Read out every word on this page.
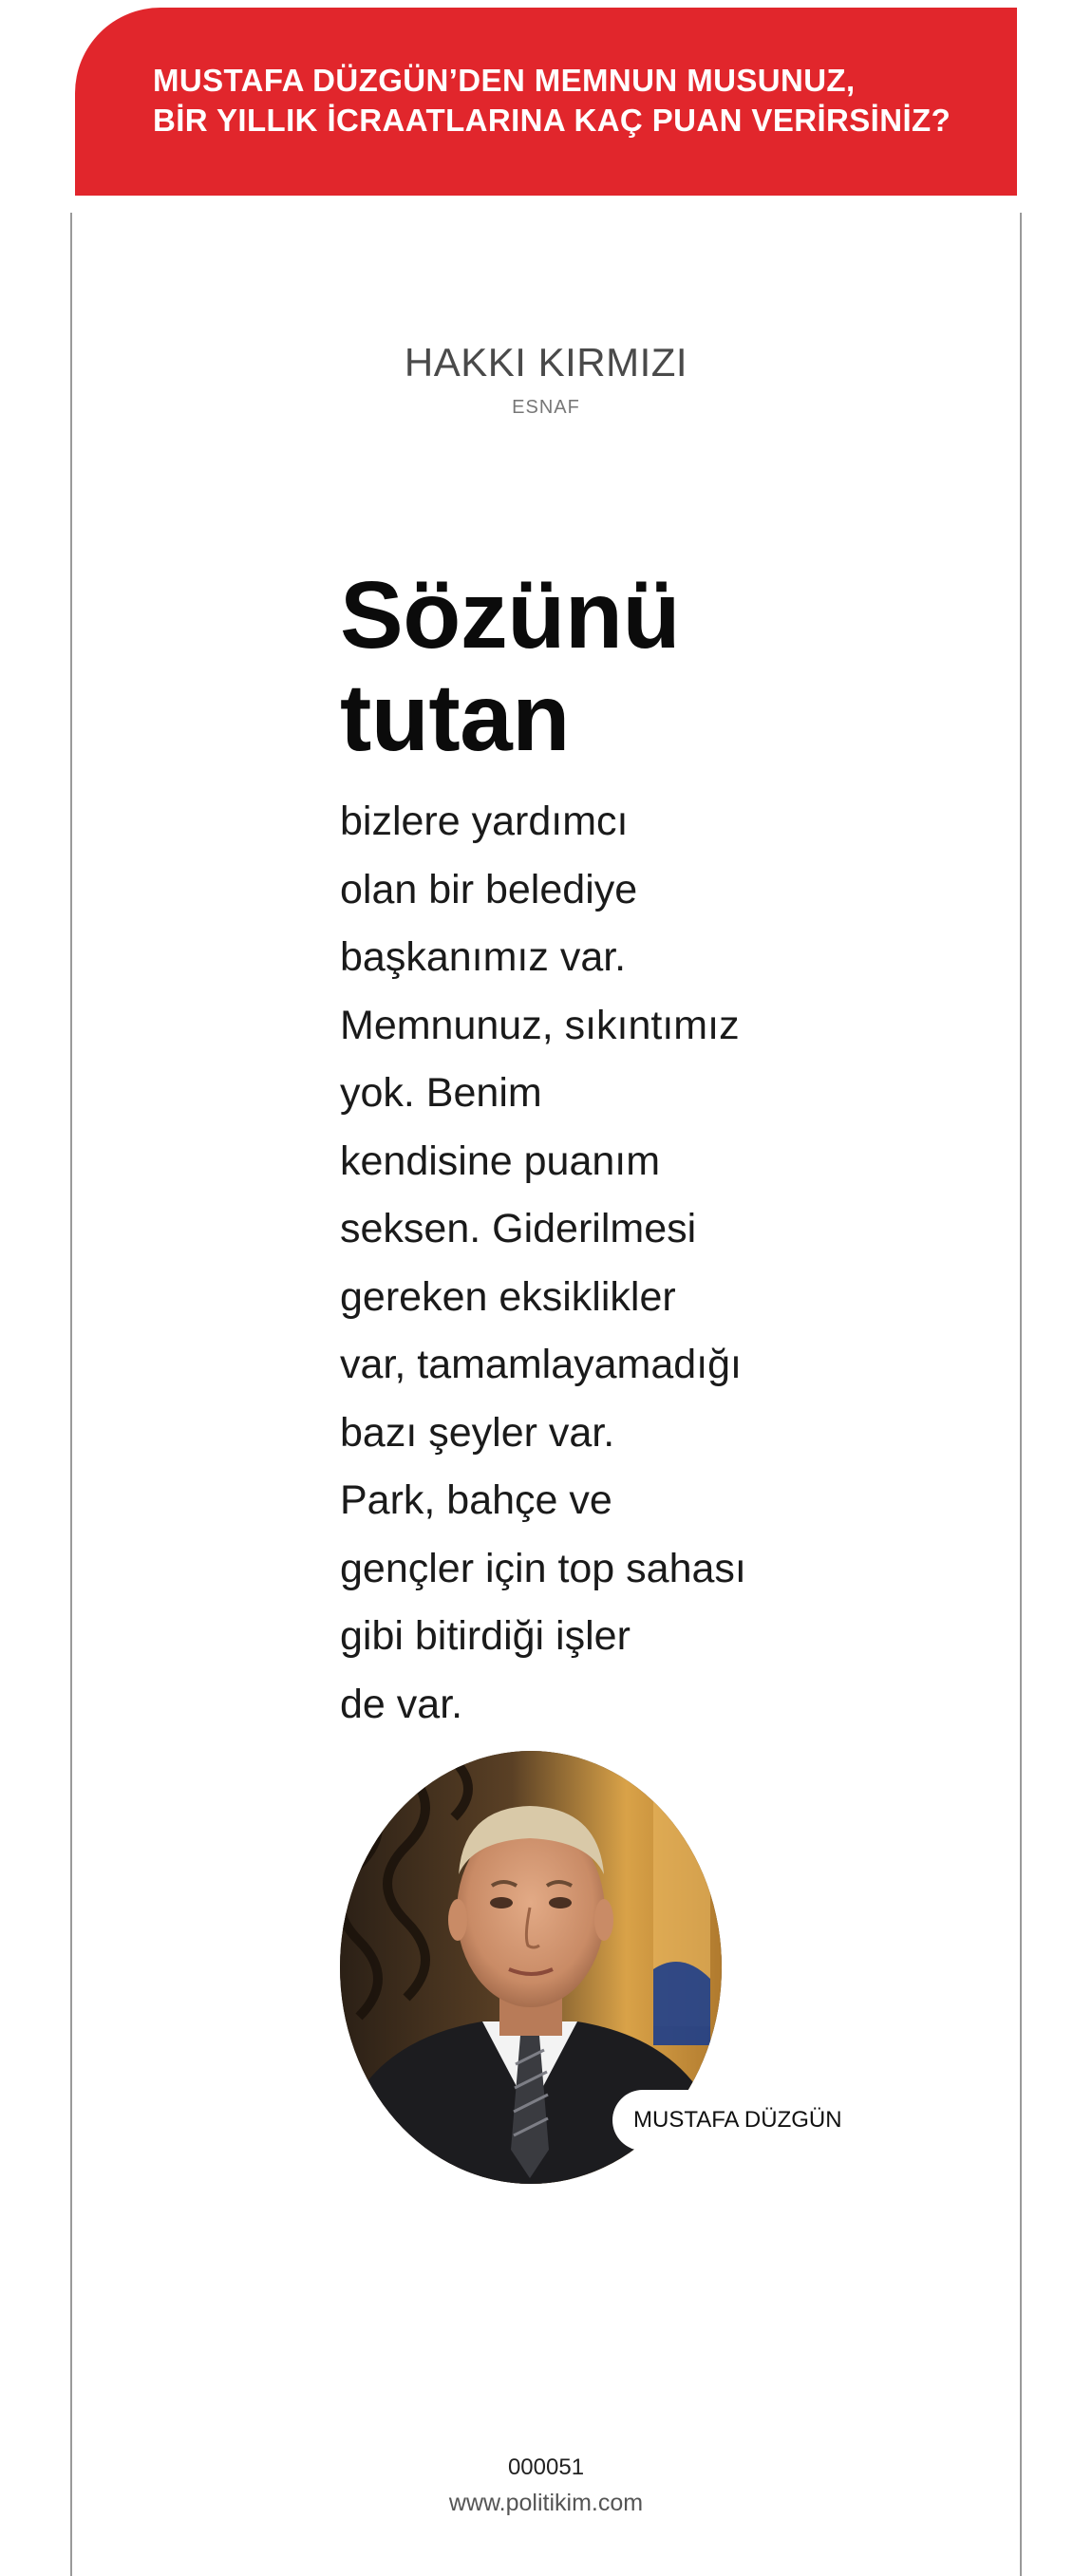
MUSTAFA DÜZGÜN’DEN MEMNUN MUSUNUZ,
BİR YILLIK İCRAATLARINA KAÇ PUAN VERİRSİNİZ?
HAKKI KIRMIZI
ESNAF
Sözünü
tutan
bizlere yardımcı
olan bir belediye
başkanımız var.
Memnunuz, sıkıntımız
yok. Benim
kendisine puanım
seksen. Giderilmesi
gereken eksiklikler
var, tamamlayamadığı
bazı şeyler var.
Park, bahçe ve
gençler için top sahası
gibi bitirdiği işler
de var.
MUSTAFA DÜZGÜN
000051
www.politikim.com
